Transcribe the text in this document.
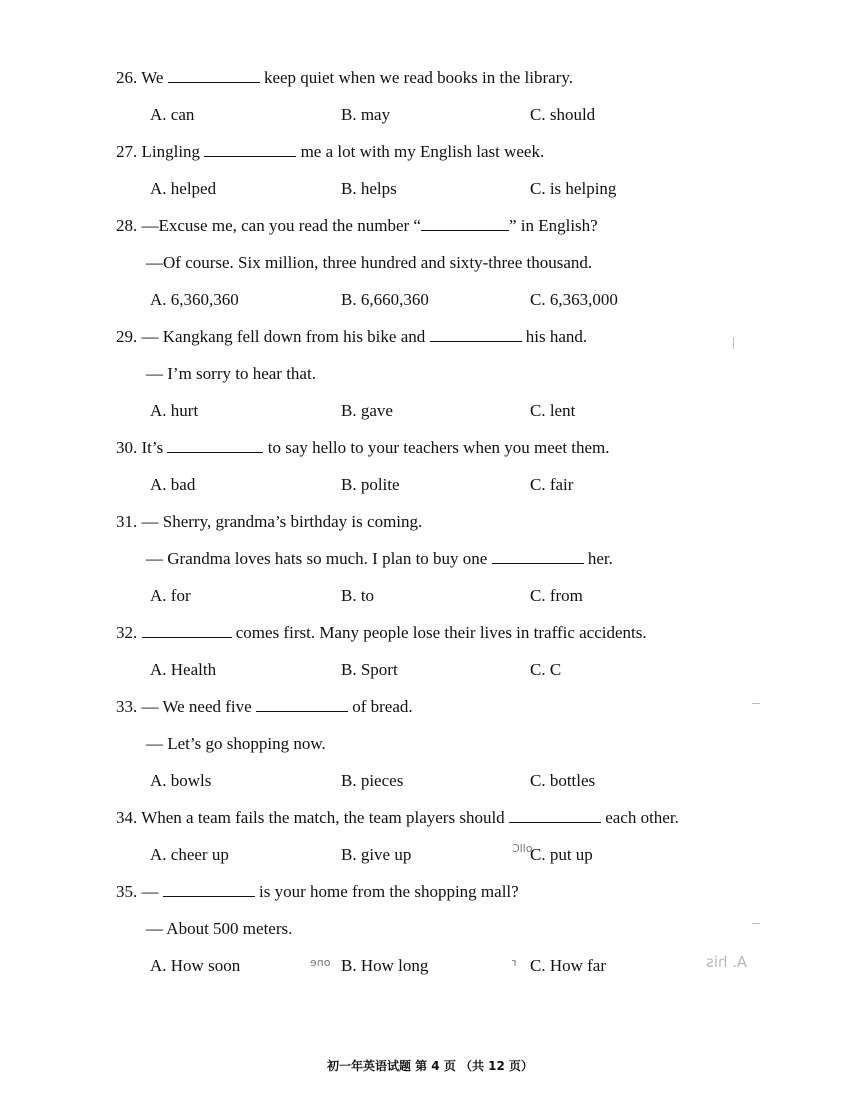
26. We	keep quiet when we read books in the library.
A. can	B. may	C. should
27. Lingling	me a lot with my English last week.
A. helped	B. helps	C. is helping
28. —Excuse me, can you read the number “	” in English?
—Of course. Six million, three hundred and sixty-three thousand.
A. 6,360,360	B. 6,660,360	C. 6,363,000
29. — Kangkang fell down from his bike and	his hand.
— I’m sorry to hear that.
A. hurt	B. gave	C. lent
30. It’s	to say hello to your teachers when you meet them.
A. bad	B. polite	C. fair
31. — Sherry, grandma’s birthday is coming.
— Grandma loves hats so much. I plan to buy one	her.
A. for	B. to	C. from
32.	comes first. Many people lose their lives in traffic accidents.
A. Health	B. Sport	C. C
33. — We need five	of bread.
— Let’s go shopping now.
A. bowls	B. pieces	C. bottles
34. When a team fails the match, the team players should	each other.
A. cheer up	B. give up	C. put up
35. —	is your home from the shopping mall?
— About 500 meters.
A. How soon	B. How long	C. How far
初一年英语试题 第 4 页 （共 12 页）
A. his
ollC
one	r
